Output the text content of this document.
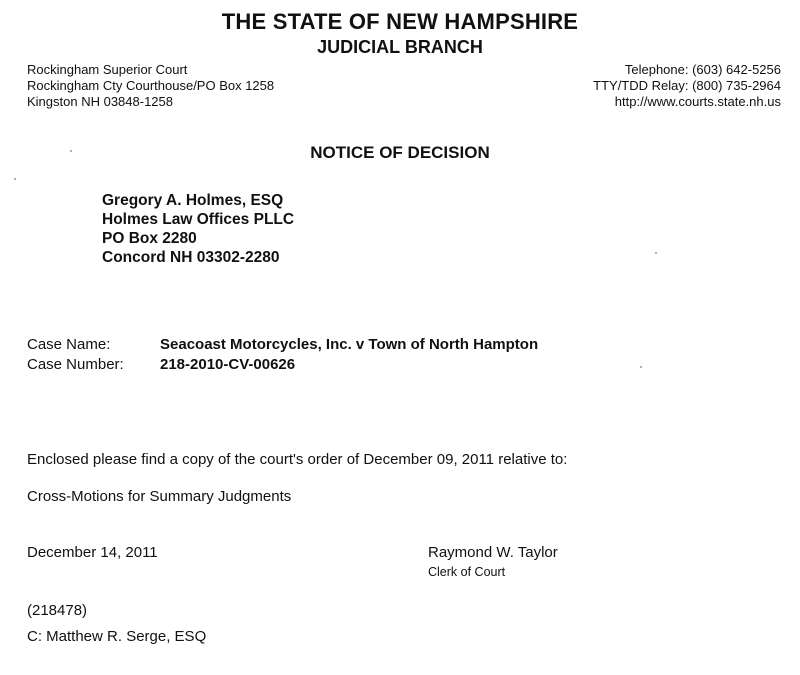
THE STATE OF NEW HAMPSHIRE
JUDICIAL BRANCH
Rockingham Superior Court
Rockingham Cty Courthouse/PO Box 1258
Kingston NH 03848-1258
Telephone: (603) 642-5256
TTY/TDD Relay: (800) 735-2964
http://www.courts.state.nh.us
NOTICE OF DECISION
Gregory A. Holmes, ESQ
Holmes Law Offices PLLC
PO Box 2280
Concord NH 03302-2280
Case Name:	Seacoast Motorcycles, Inc. v Town of North Hampton
Case Number: 218-2010-CV-00626
Enclosed please find a copy of the court's order of December 09, 2011 relative to:
Cross-Motions for Summary Judgments
December 14, 2011	Raymond W. Taylor
Clerk of Court
(218478)
C: Matthew R. Serge, ESQ
